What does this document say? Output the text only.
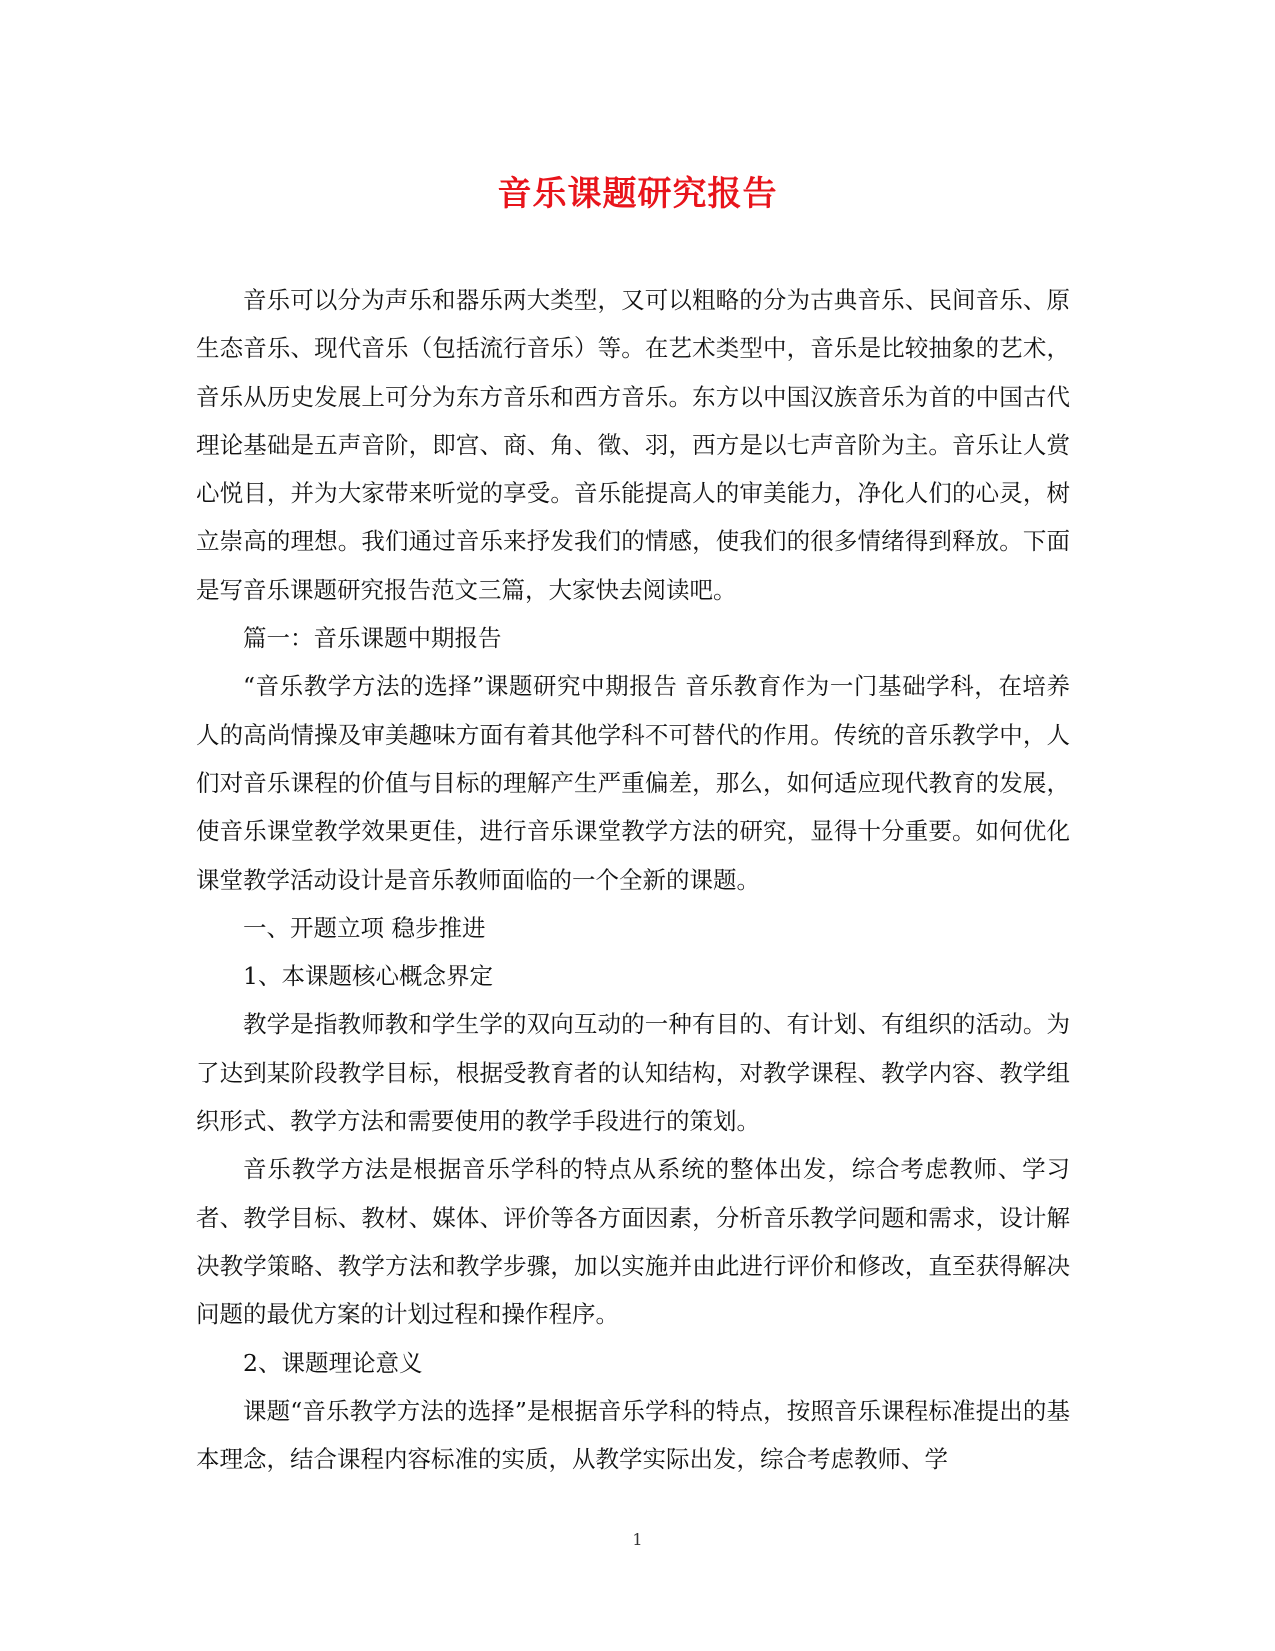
音乐课题研究报告

音乐可以分为声乐和器乐两大类型，又可以粗略的分为古典音乐、民间音乐、原生态音乐、现代音乐（包括流行音乐）等。在艺术类型中，音乐是比较抽象的艺术，音乐从历史发展上可分为东方音乐和西方音乐。东方以中国汉族音乐为首的中国古代理论基础是五声音阶，即宫、商、角、徵、羽，西方是以七声音阶为主。音乐让人赏心悦目，并为大家带来听觉的享受。音乐能提高人的审美能力，净化人们的心灵，树立崇高的理想。我们通过音乐来抒发我们的情感，使我们的很多情绪得到释放。下面是写音乐课题研究报告范文三篇，大家快去阅读吧。

篇一：音乐课题中期报告

“音乐教学方法的选择”课题研究中期报告 音乐教育作为一门基础学科，在培养人的高尚情操及审美趣味方面有着其他学科不可替代的作用。传统的音乐教学中，人们对音乐课程的价值与目标的理解产生严重偏差，那么，如何适应现代教育的发展，使音乐课堂教学效果更佳，进行音乐课堂教学方法的研究，显得十分重要。如何优化课堂教学活动设计是音乐教师面临的一个全新的课题。

一、开题立项 稳步推进

1、本课题核心概念界定

教学是指教师教和学生学的双向互动的一种有目的、有计划、有组织的活动。为了达到某阶段教学目标，根据受教育者的认知结构，对教学课程、教学内容、教学组织形式、教学方法和需要使用的教学手段进行的策划。

音乐教学方法是根据音乐学科的特点从系统的整体出发，综合考虑教师、学习者、教学目标、教材、媒体、评价等各方面因素，分析音乐教学问题和需求，设计解决教学策略、教学方法和教学步骤，加以实施并由此进行评价和修改，直至获得解决问题的最优方案的计划过程和操作程序。

2、课题理论意义

课题“音乐教学方法的选择”是根据音乐学科的特点，按照音乐课程标准提出的基本理念，结合课程内容标准的实质，从教学实际出发，综合考虑教师、学

1
